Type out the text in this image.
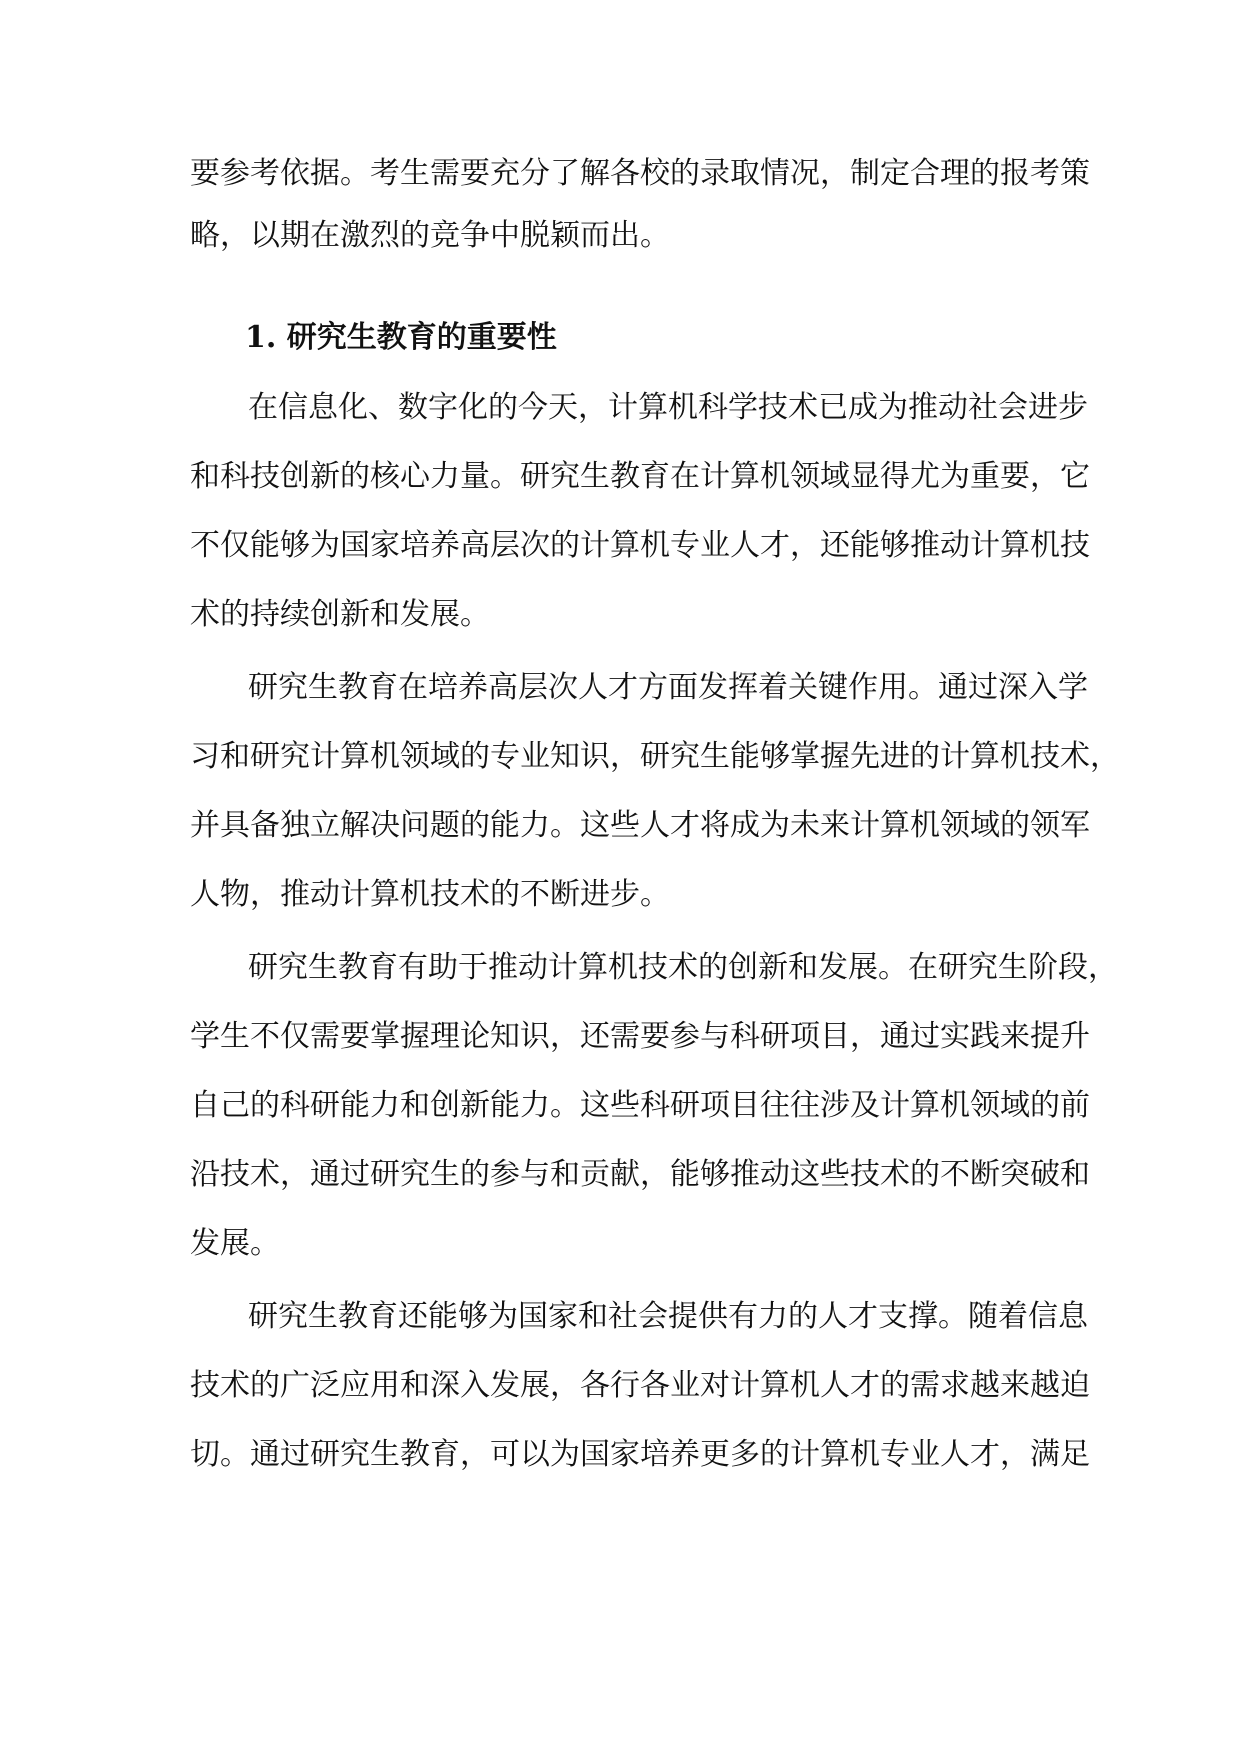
要参考依据。考生需要充分了解各校的录取情况，制定合理的报考策
略，以期在激烈的竞争中脱颖而出。
1. 研究生教育的重要性
在信息化、数字化的今天，计算机科学技术已成为推动社会进步
和科技创新的核心力量。研究生教育在计算机领域显得尤为重要，它
不仅能够为国家培养高层次的计算机专业人才，还能够推动计算机技
术的持续创新和发展。
研究生教育在培养高层次人才方面发挥着关键作用。通过深入学
习和研究计算机领域的专业知识，研究生能够掌握先进的计算机技术，
并具备独立解决问题的能力。这些人才将成为未来计算机领域的领军
人物，推动计算机技术的不断进步。
研究生教育有助于推动计算机技术的创新和发展。在研究生阶段，
学生不仅需要掌握理论知识，还需要参与科研项目，通过实践来提升
自己的科研能力和创新能力。这些科研项目往往涉及计算机领域的前
沿技术，通过研究生的参与和贡献，能够推动这些技术的不断突破和
发展。
研究生教育还能够为国家和社会提供有力的人才支撑。随着信息
技术的广泛应用和深入发展，各行各业对计算机人才的需求越来越迫
切。通过研究生教育，可以为国家培养更多的计算机专业人才，满足
